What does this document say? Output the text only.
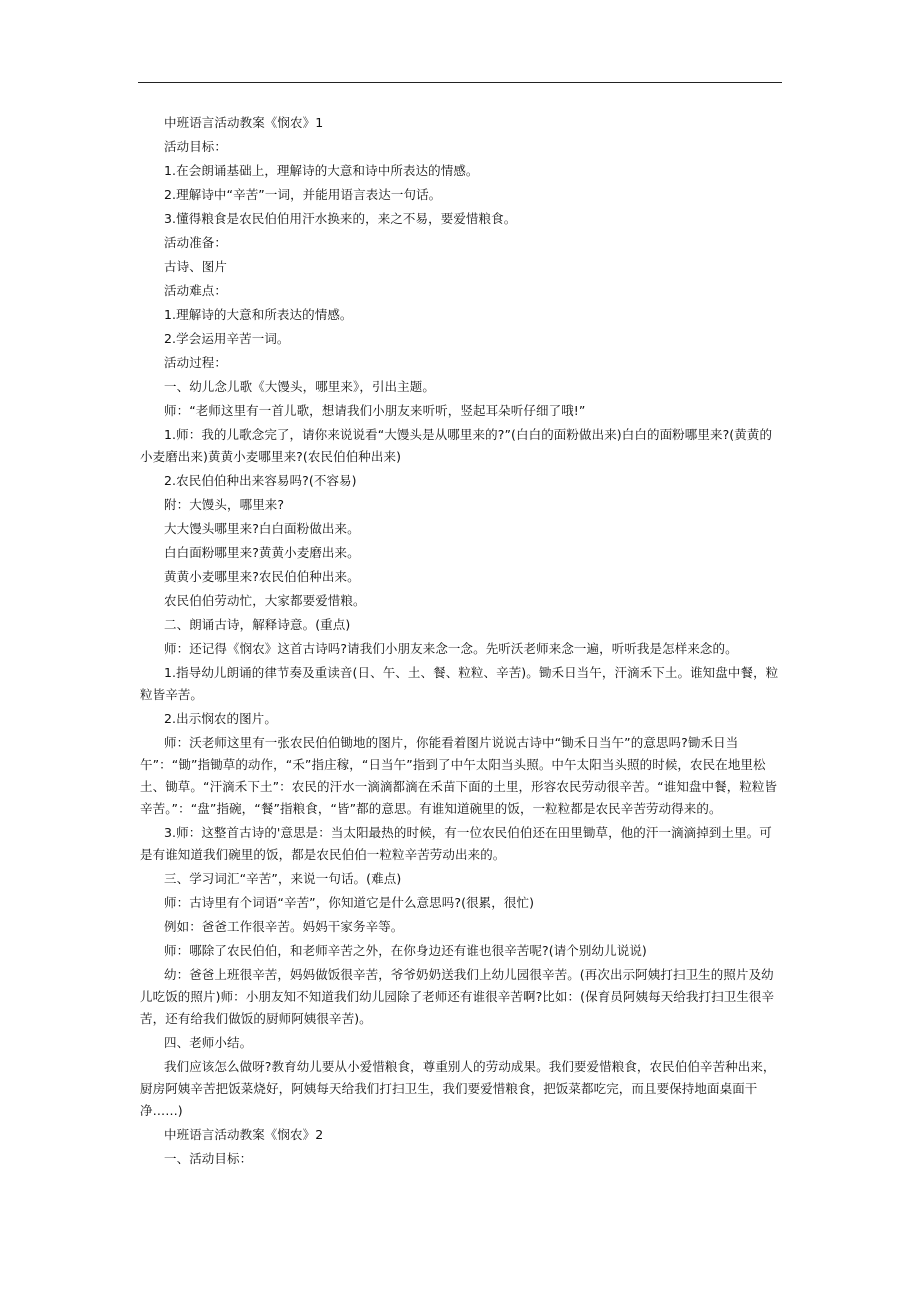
中班语言活动教案《悯农》1

活动目标：

1.在会朗诵基础上，理解诗的大意和诗中所表达的情感。

2.理解诗中“辛苦”一词，并能用语言表达一句话。

3.懂得粮食是农民伯伯用汗水换来的，来之不易，要爱惜粮食。

活动准备：

古诗、图片

活动难点：

1.理解诗的大意和所表达的情感。

2.学会运用辛苦一词。

活动过程：

一、幼儿念儿歌《大馒头，哪里来》，引出主题。

师：“老师这里有一首儿歌，想请我们小朋友来听听，竖起耳朵听仔细了哦!”

1.师：我的儿歌念完了，请你来说说看“大馒头是从哪里来的?”(白白的面粉做出来)白白的面粉哪里来?(黄黄的小麦磨出来)黄黄小麦哪里来?(农民伯伯种出来)

2.农民伯伯种出来容易吗?(不容易)

附：大馒头，哪里来?

大大馒头哪里来?白白面粉做出来。

白白面粉哪里来?黄黄小麦磨出来。

黄黄小麦哪里来?农民伯伯种出来。

农民伯伯劳动忙，大家都要爱惜粮。

二、朗诵古诗，解释诗意。(重点)

师：还记得《悯农》这首古诗吗?请我们小朋友来念一念。先听沃老师来念一遍，听听我是怎样来念的。

1.指导幼儿朗诵的律节奏及重读音(日、午、土、餐、粒粒、辛苦)。锄禾日当午，汗滴禾下土。谁知盘中餐，粒粒皆辛苦。

2.出示悯农的图片。

师：沃老师这里有一张农民伯伯锄地的图片，你能看着图片说说古诗中“锄禾日当午”的意思吗?锄禾日当午”：“锄”指锄草的动作，“禾”指庄稼，“日当午”指到了中午太阳当头照。中午太阳当头照的时候，农民在地里松土、锄草。“汗滴禾下土”：农民的汗水一滴滴都滴在禾苗下面的土里，形容农民劳动很辛苦。“谁知盘中餐，粒粒皆辛苦。”：“盘”指碗，“餐”指粮食，“皆”都的意思。有谁知道碗里的饭，一粒粒都是农民辛苦劳动得来的。

3.师：这整首古诗的'意思是：当太阳最热的时候，有一位农民伯伯还在田里锄草，他的汗一滴滴掉到土里。可是有谁知道我们碗里的饭，都是农民伯伯一粒粒辛苦劳动出来的。

三、学习词汇“辛苦”，来说一句话。(难点)

师：古诗里有个词语“辛苦”，你知道它是什么意思吗?(很累，很忙)

例如：爸爸工作很辛苦。妈妈干家务辛等。

师：哪除了农民伯伯，和老师辛苦之外，在你身边还有谁也很辛苦呢?(请个别幼儿说说)

幼：爸爸上班很辛苦，妈妈做饭很辛苦，爷爷奶奶送我们上幼儿园很辛苦。(再次出示阿姨打扫卫生的照片及幼儿吃饭的照片)师：小朋友知不知道我们幼儿园除了老师还有谁很辛苦啊?比如：(保育员阿姨每天给我打扫卫生很辛苦，还有给我们做饭的厨师阿姨很辛苦)。

四、老师小结。

我们应该怎么做呀?教育幼儿要从小爱惜粮食，尊重别人的劳动成果。我们要爱惜粮食，农民伯伯辛苦种出来，厨房阿姨辛苦把饭菜烧好，阿姨每天给我们打扫卫生，我们要爱惜粮食，把饭菜都吃完，而且要保持地面桌面干净……)

中班语言活动教案《悯农》2

一、活动目标：
